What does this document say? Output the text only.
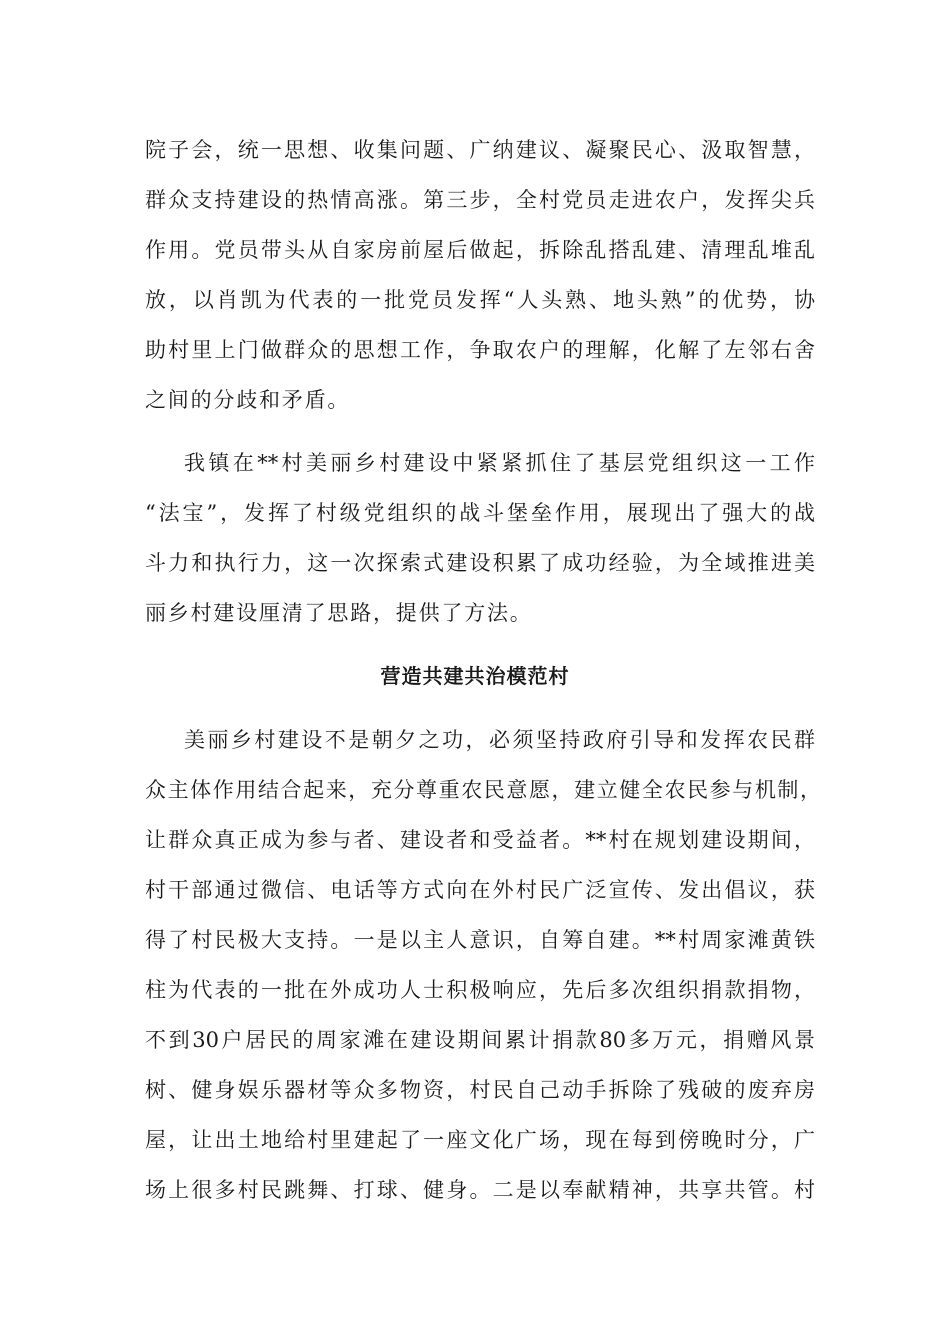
院子会，统一思想、收集问题、广纳建议、凝聚民心、汲取智慧，

群众支持建设的热情高涨。第三步，全村党员走进农户，发挥尖兵

作用。党员带头从自家房前屋后做起，拆除乱搭乱建、清理乱堆乱

放，以肖凯为代表的一批党员发挥“人头熟、地头熟”的优势，协

助村里上门做群众的思想工作，争取农户的理解，化解了左邻右舍

之间的分歧和矛盾。

我镇在**村美丽乡村建设中紧紧抓住了基层党组织这一工作

“法宝”，发挥了村级党组织的战斗堡垒作用，展现出了强大的战

斗力和执行力，这一次探索式建设积累了成功经验，为全域推进美

丽乡村建设厘清了思路，提供了方法。

营造共建共治模范村

美丽乡村建设不是朝夕之功，必须坚持政府引导和发挥农民群

众主体作用结合起来，充分尊重农民意愿，建立健全农民参与机制，

让群众真正成为参与者、建设者和受益者。**村在规划建设期间，

村干部通过微信、电话等方式向在外村民广泛宣传、发出倡议，获

得了村民极大支持。一是以主人意识，自筹自建。**村周家滩黄铁

柱为代表的一批在外成功人士积极响应，先后多次组织捐款捐物，

不到30户居民的周家滩在建设期间累计捐款80多万元，捐赠风景

树、健身娱乐器材等众多物资，村民自己动手拆除了残破的废弃房

屋，让出土地给村里建起了一座文化广场，现在每到傍晚时分，广

场上很多村民跳舞、打球、健身。二是以奉献精神，共享共管。村
